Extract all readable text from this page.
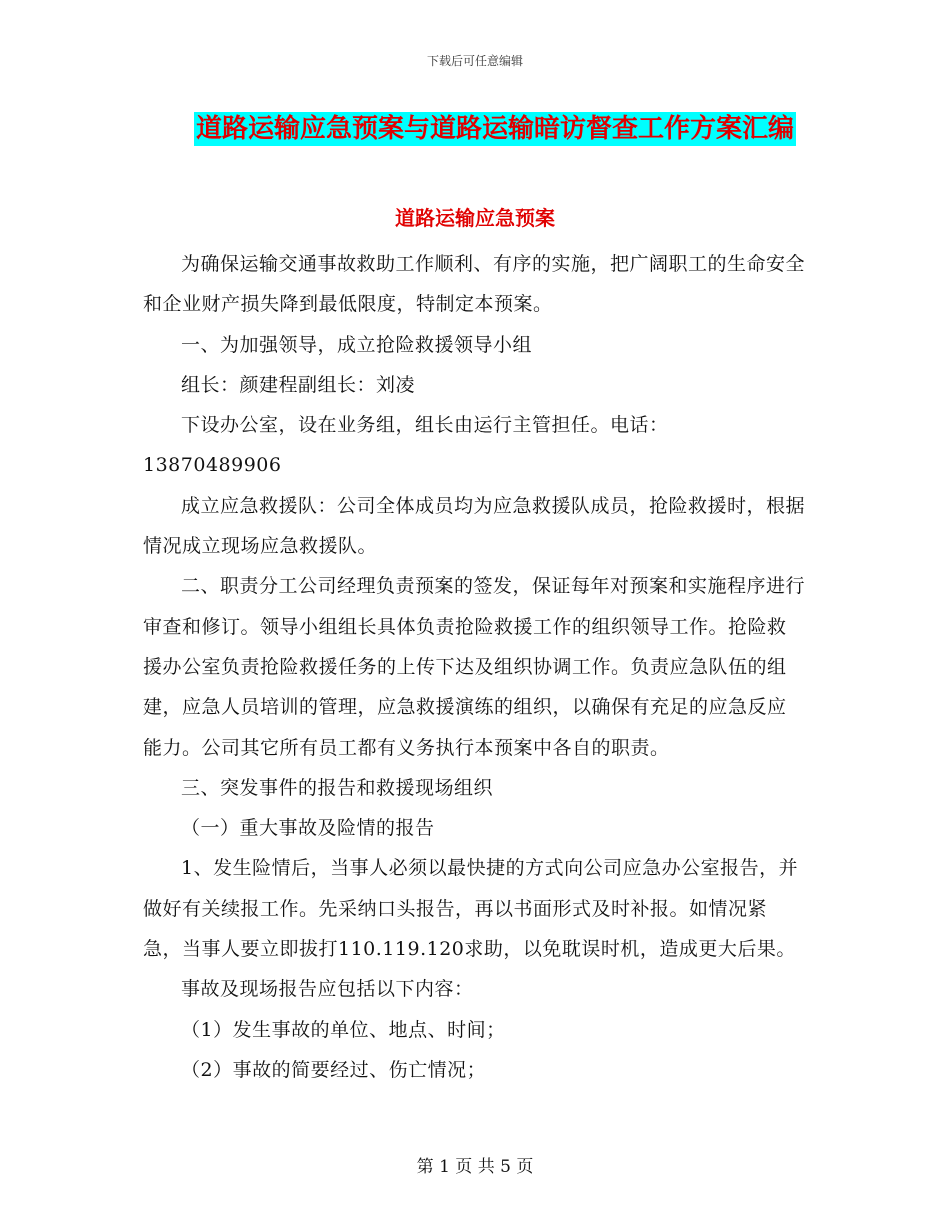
下载后可任意编辑
道路运输应急预案与道路运输暗访督查工作方案汇编
道路运输应急预案

为确保运输交通事故救助工作顺利、有序的实施，把广阔职工的生命安全和企业财产损失降到最低限度，特制定本预案。

一、为加强领导，成立抢险救援领导小组

组长：颜建程副组长：刘凌

下设办公室，设在业务组，组长由运行主管担任。电话：

13870489906

成立应急救援队：公司全体成员均为应急救援队成员，抢险救援时，根据情况成立现场应急救援队。

二、职责分工公司经理负责预案的签发，保证每年对预案和实施程序进行审查和修订。领导小组组长具体负责抢险救援工作的组织领导工作。抢险救援办公室负责抢险救援任务的上传下达及组织协调工作。负责应急队伍的组建，应急人员培训的管理，应急救援演练的组织，以确保有充足的应急反应能力。公司其它所有员工都有义务执行本预案中各自的职责。

三、突发事件的报告和救援现场组织

（一）重大事故及险情的报告

1、发生险情后，当事人必须以最快捷的方式向公司应急办公室报告，并做好有关续报工作。先采纳口头报告，再以书面形式及时补报。如情况紧急，当事人要立即拔打110.119.120求助，以免耽误时机，造成更大后果。

事故及现场报告应包括以下内容：

（1）发生事故的单位、地点、时间；

（2）事故的简要经过、伤亡情况；

第 1 页 共 5 页
